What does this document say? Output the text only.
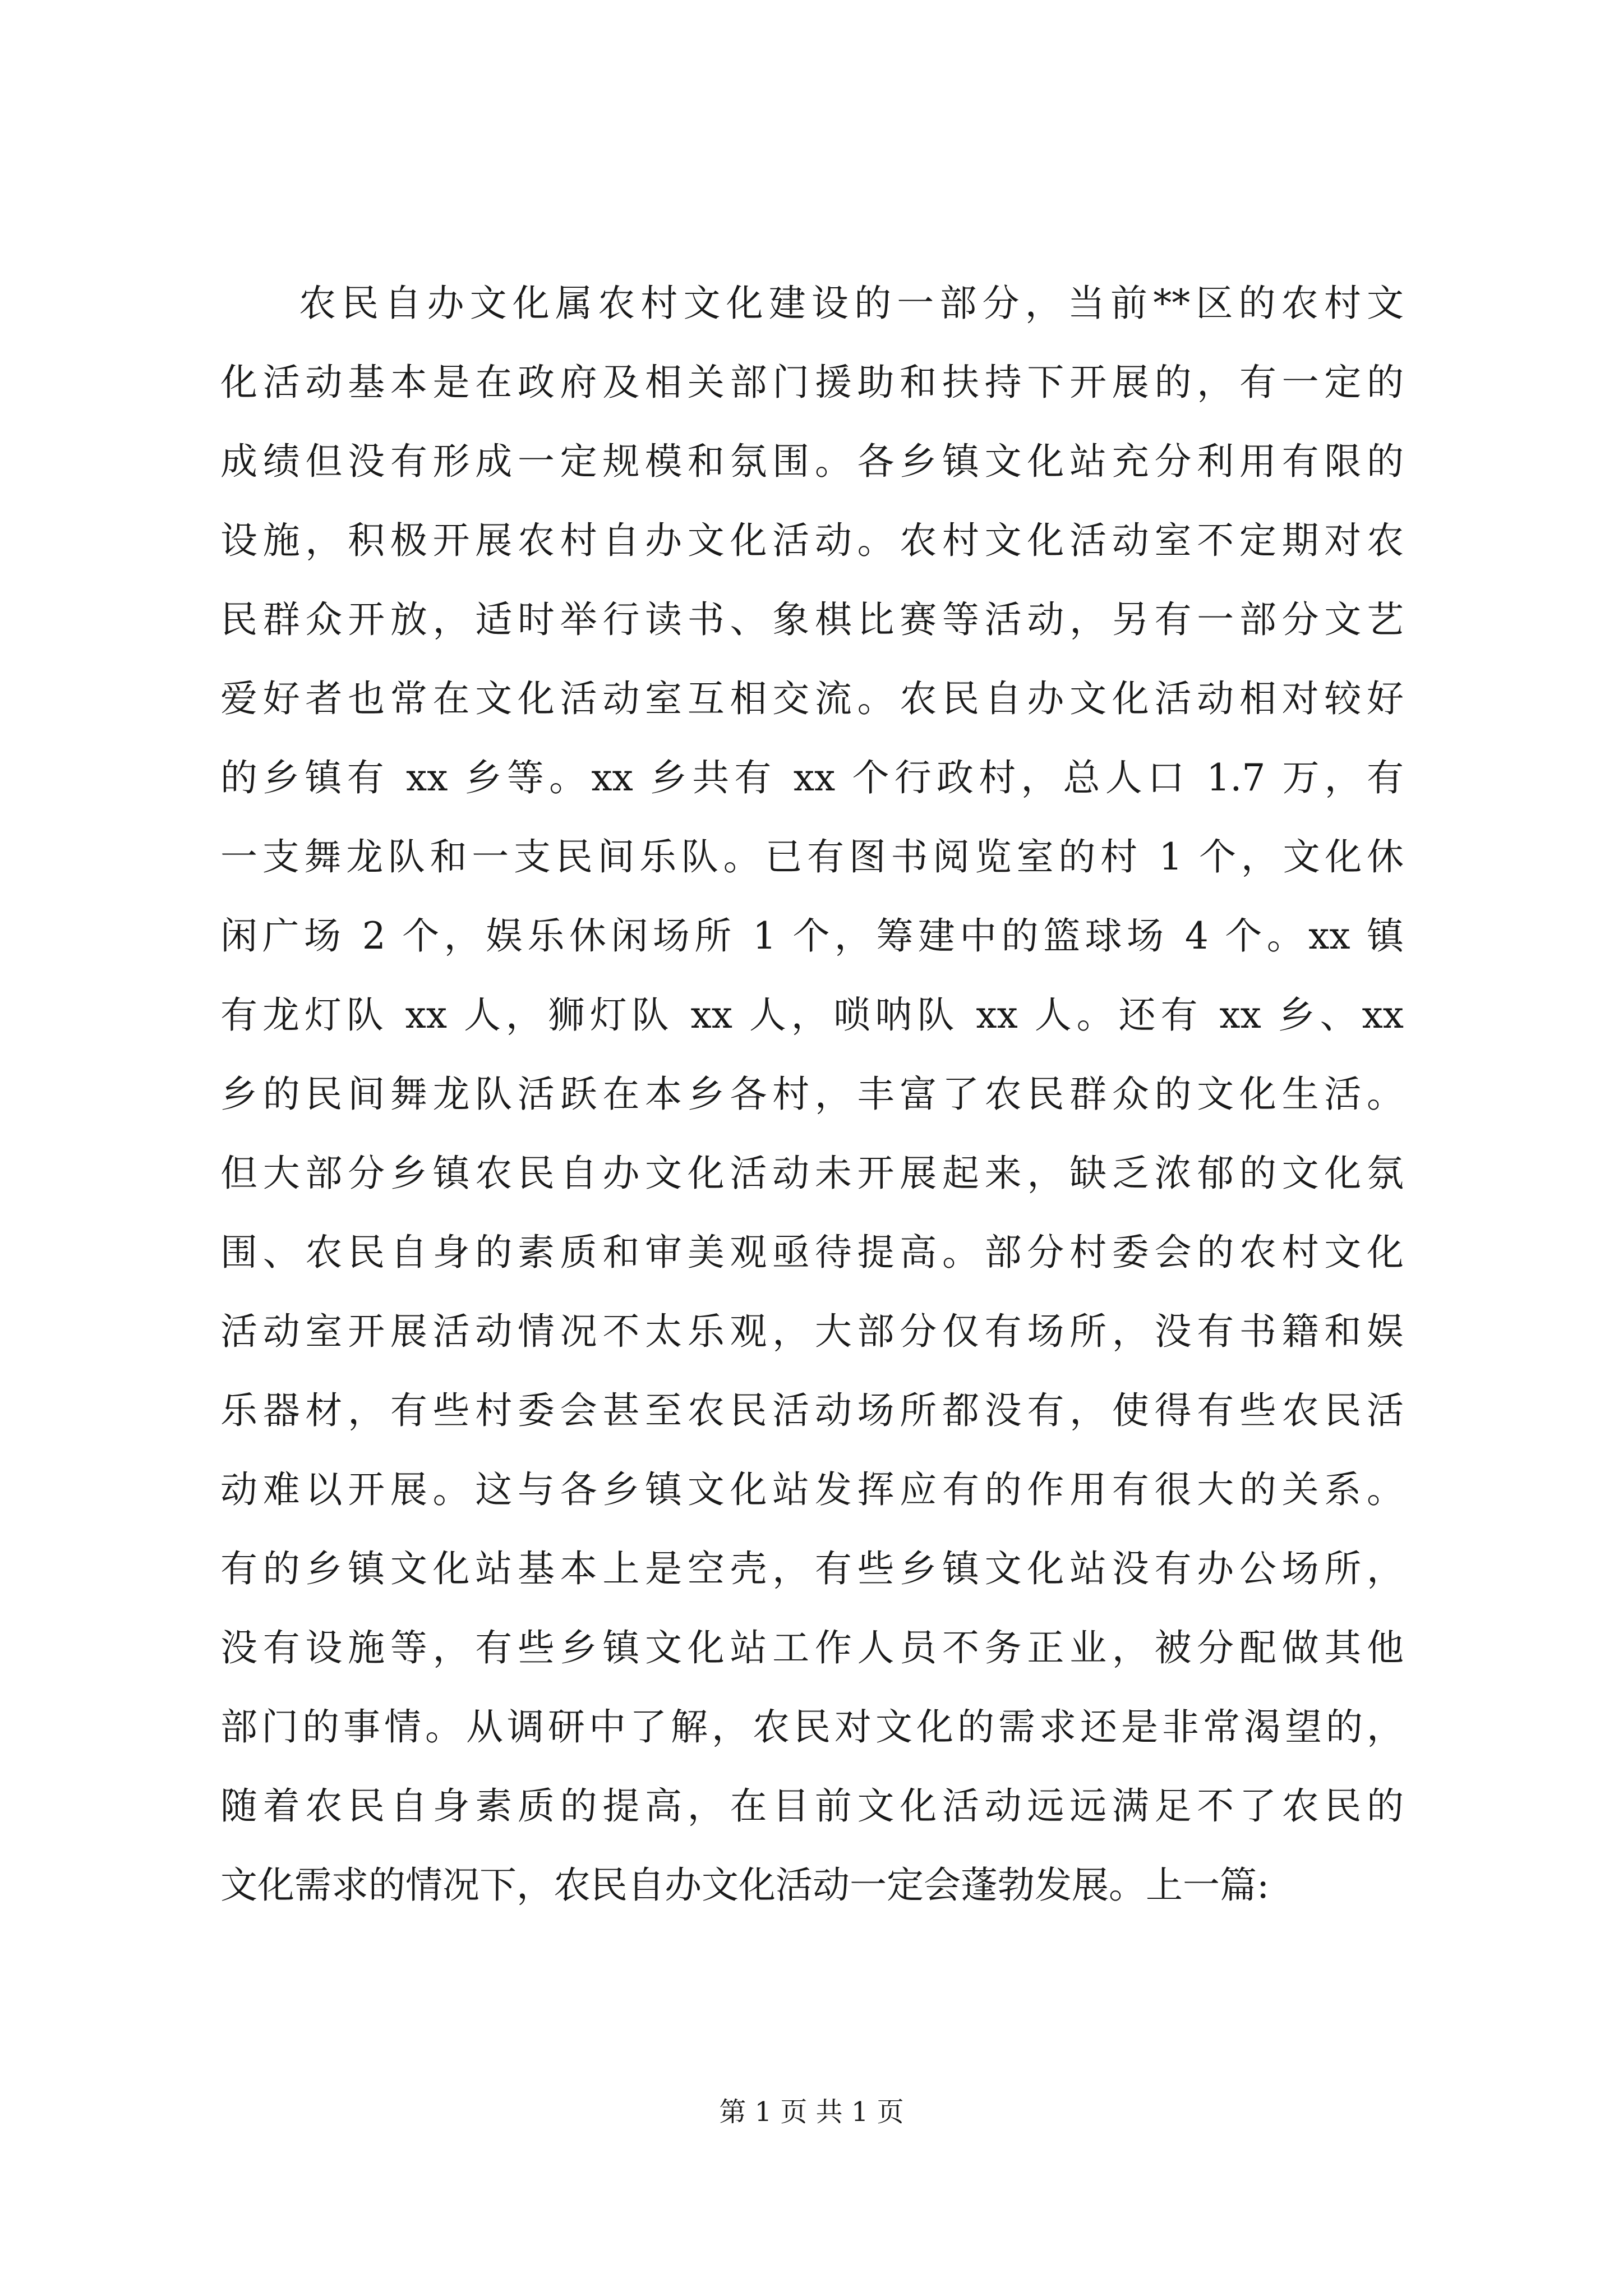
农民自办文化属农村文化建设的一部分，当前**区的农村文
化活动基本是在政府及相关部门援助和扶持下开展的，有一定的
成绩但没有形成一定规模和氛围。各乡镇文化站充分利用有限的
设施，积极开展农村自办文化活动。农村文化活动室不定期对农
民群众开放，适时举行读书、象棋比赛等活动，另有一部分文艺
爱好者也常在文化活动室互相交流。农民自办文化活动相对较好
的乡镇有 xx 乡等。xx 乡共有 xx 个行政村，总人口 1.7 万，有
一支舞龙队和一支民间乐队。已有图书阅览室的村 1 个，文化休
闲广场 2 个，娱乐休闲场所 1 个，筹建中的篮球场 4 个。xx 镇
有龙灯队 xx 人，狮灯队 xx 人，唢呐队 xx 人。还有 xx 乡、xx
乡的民间舞龙队活跃在本乡各村，丰富了农民群众的文化生活。
但大部分乡镇农民自办文化活动未开展起来，缺乏浓郁的文化氛
围、农民自身的素质和审美观亟待提高。部分村委会的农村文化
活动室开展活动情况不太乐观，大部分仅有场所，没有书籍和娱
乐器材，有些村委会甚至农民活动场所都没有，使得有些农民活
动难以开展。这与各乡镇文化站发挥应有的作用有很大的关系。
有的乡镇文化站基本上是空壳，有些乡镇文化站没有办公场所，
没有设施等，有些乡镇文化站工作人员不务正业，被分配做其他
部门的事情。从调研中了解，农民对文化的需求还是非常渴望的，
随着农民自身素质的提高，在目前文化活动远远满足不了农民的
文化需求的情况下，农民自办文化活动一定会蓬勃发展。上一篇:

第 1 页 共 1 页
